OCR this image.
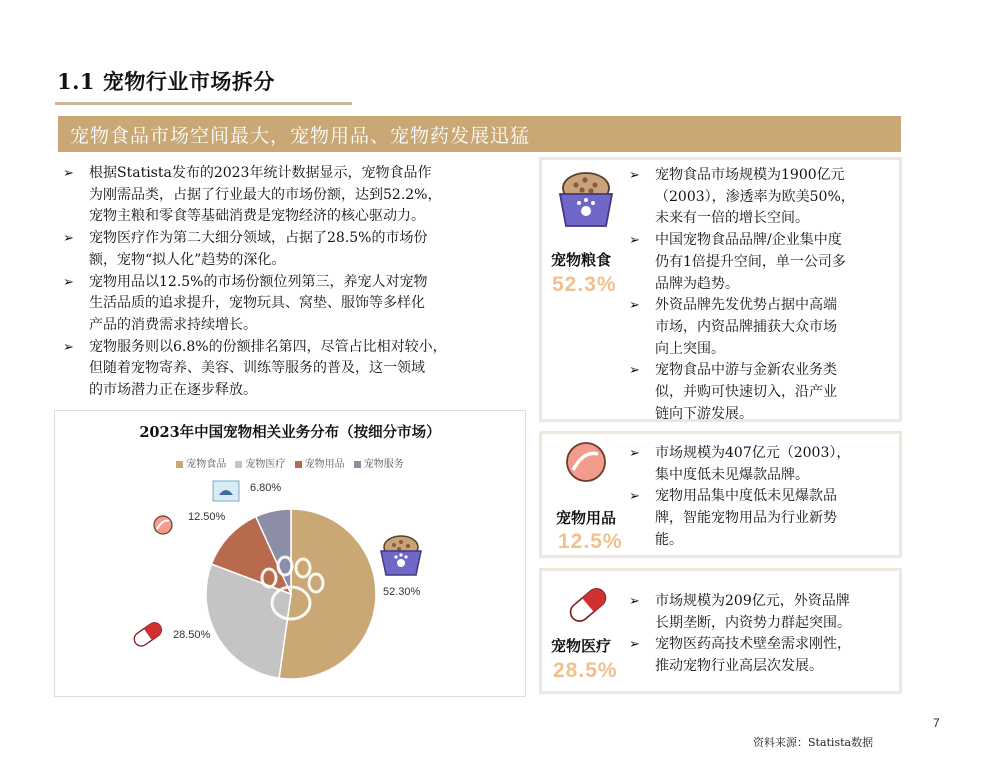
1.1 宠物行业市场拆分
宠物食品市场空间最大，宠物用品、宠物药发展迅猛
➢ 根据Statista发布的2023年统计数据显示，宠物食品作
为刚需品类，占据了行业最大的市场份额，达到52.2%，
宠物主粮和零食等基础消费是宠物经济的核心驱动力。
➢ 宠物医疗作为第二大细分领域，占据了28.5%的市场份
额，宠物“拟人化”趋势的深化。
➢ 宠物用品以12.5%的市场份额位列第三，养宠人对宠物
生活品质的追求提升，宠物玩具、窝垫、服饰等多样化
产品的消费需求持续增长。
➢ 宠物服务则以6.8%的份额排名第四，尽管占比相对较小，
但随着宠物寄养、美容、训练等服务的普及，这一领域
的市场潜力正在逐步释放。
2023年中国宠物相关业务分布（按细分市场）
宠物食品 宠物医疗 宠物用品 宠物服务
52.30%
28.50%
12.50%
6.80%
宠物粮食
52.3%
➢ 宠物食品市场规模为1900亿元
（2003），渗透率为欧美50%，
未来有一倍的增长空间。
➢ 中国宠物食品品牌/企业集中度
仍有1倍提升空间，单一公司多
品牌为趋势。
➢ 外资品牌先发优势占据中高端
市场，内资品牌捕获大众市场
向上突围。
➢ 宠物食品中游与金新农业务类
似，并购可快速切入，沿产业
链向下游发展。
宠物用品
12.5%
➢ 市场规模为407亿元（2003），
集中度低未见爆款品牌。
➢ 宠物用品集中度低未见爆款品
牌，智能宠物用品为行业新势
能。
宠物医疗
28.5%
➢ 市场规模为209亿元，外资品牌
长期垄断，内资势力群起突围。
➢ 宠物医药高技术壁垒需求刚性，
推动宠物行业高层次发展。
7
资料来源：Statista数据
